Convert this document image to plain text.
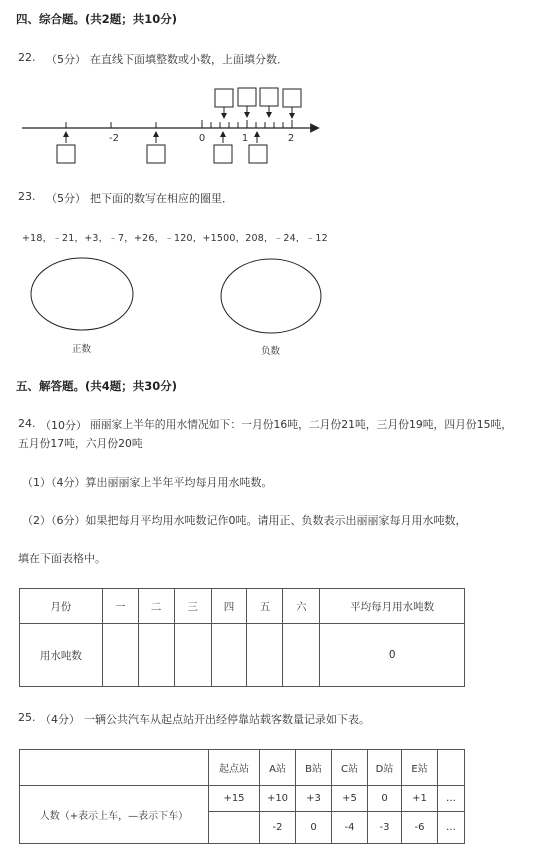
四、综合题。(共2题；共10分)
22. （5分） 在直线下面填整数或小数，上面填分数．
-2	0	1	2
23. （5分） 把下面的数写在相应的圈里．
+18，﹣21，+3，﹣7，+26，﹣120，+1500，208，﹣24，﹣12
正数	负数
五、解答题。(共4题；共30分)
24. （10分） 丽丽家上半年的用水情况如下：一月份16吨，二月份21吨，三月份19吨，四月份15吨，
五月份17吨，六月份20吨
（1）（4分）算出丽丽家上半年平均每月用水吨数。
（2）（6分）如果把每月平均用水吨数记作0吨。请用正、负数表示出丽丽家每月用水吨数，
填在下面表格中。
月份	一	二	三	四	五	六	平均每月用水吨数
用水吨数							0
25. （4分） 一辆公共汽车从起点站开出经停靠站载客数量记录如下表。
	起点站	A站	B站	C站	D站	E站	
人数（+表示上车，—表示下车）	+15	+10	+3	+5	0	+1	…
		-2	0	-4	-3	-6	…
